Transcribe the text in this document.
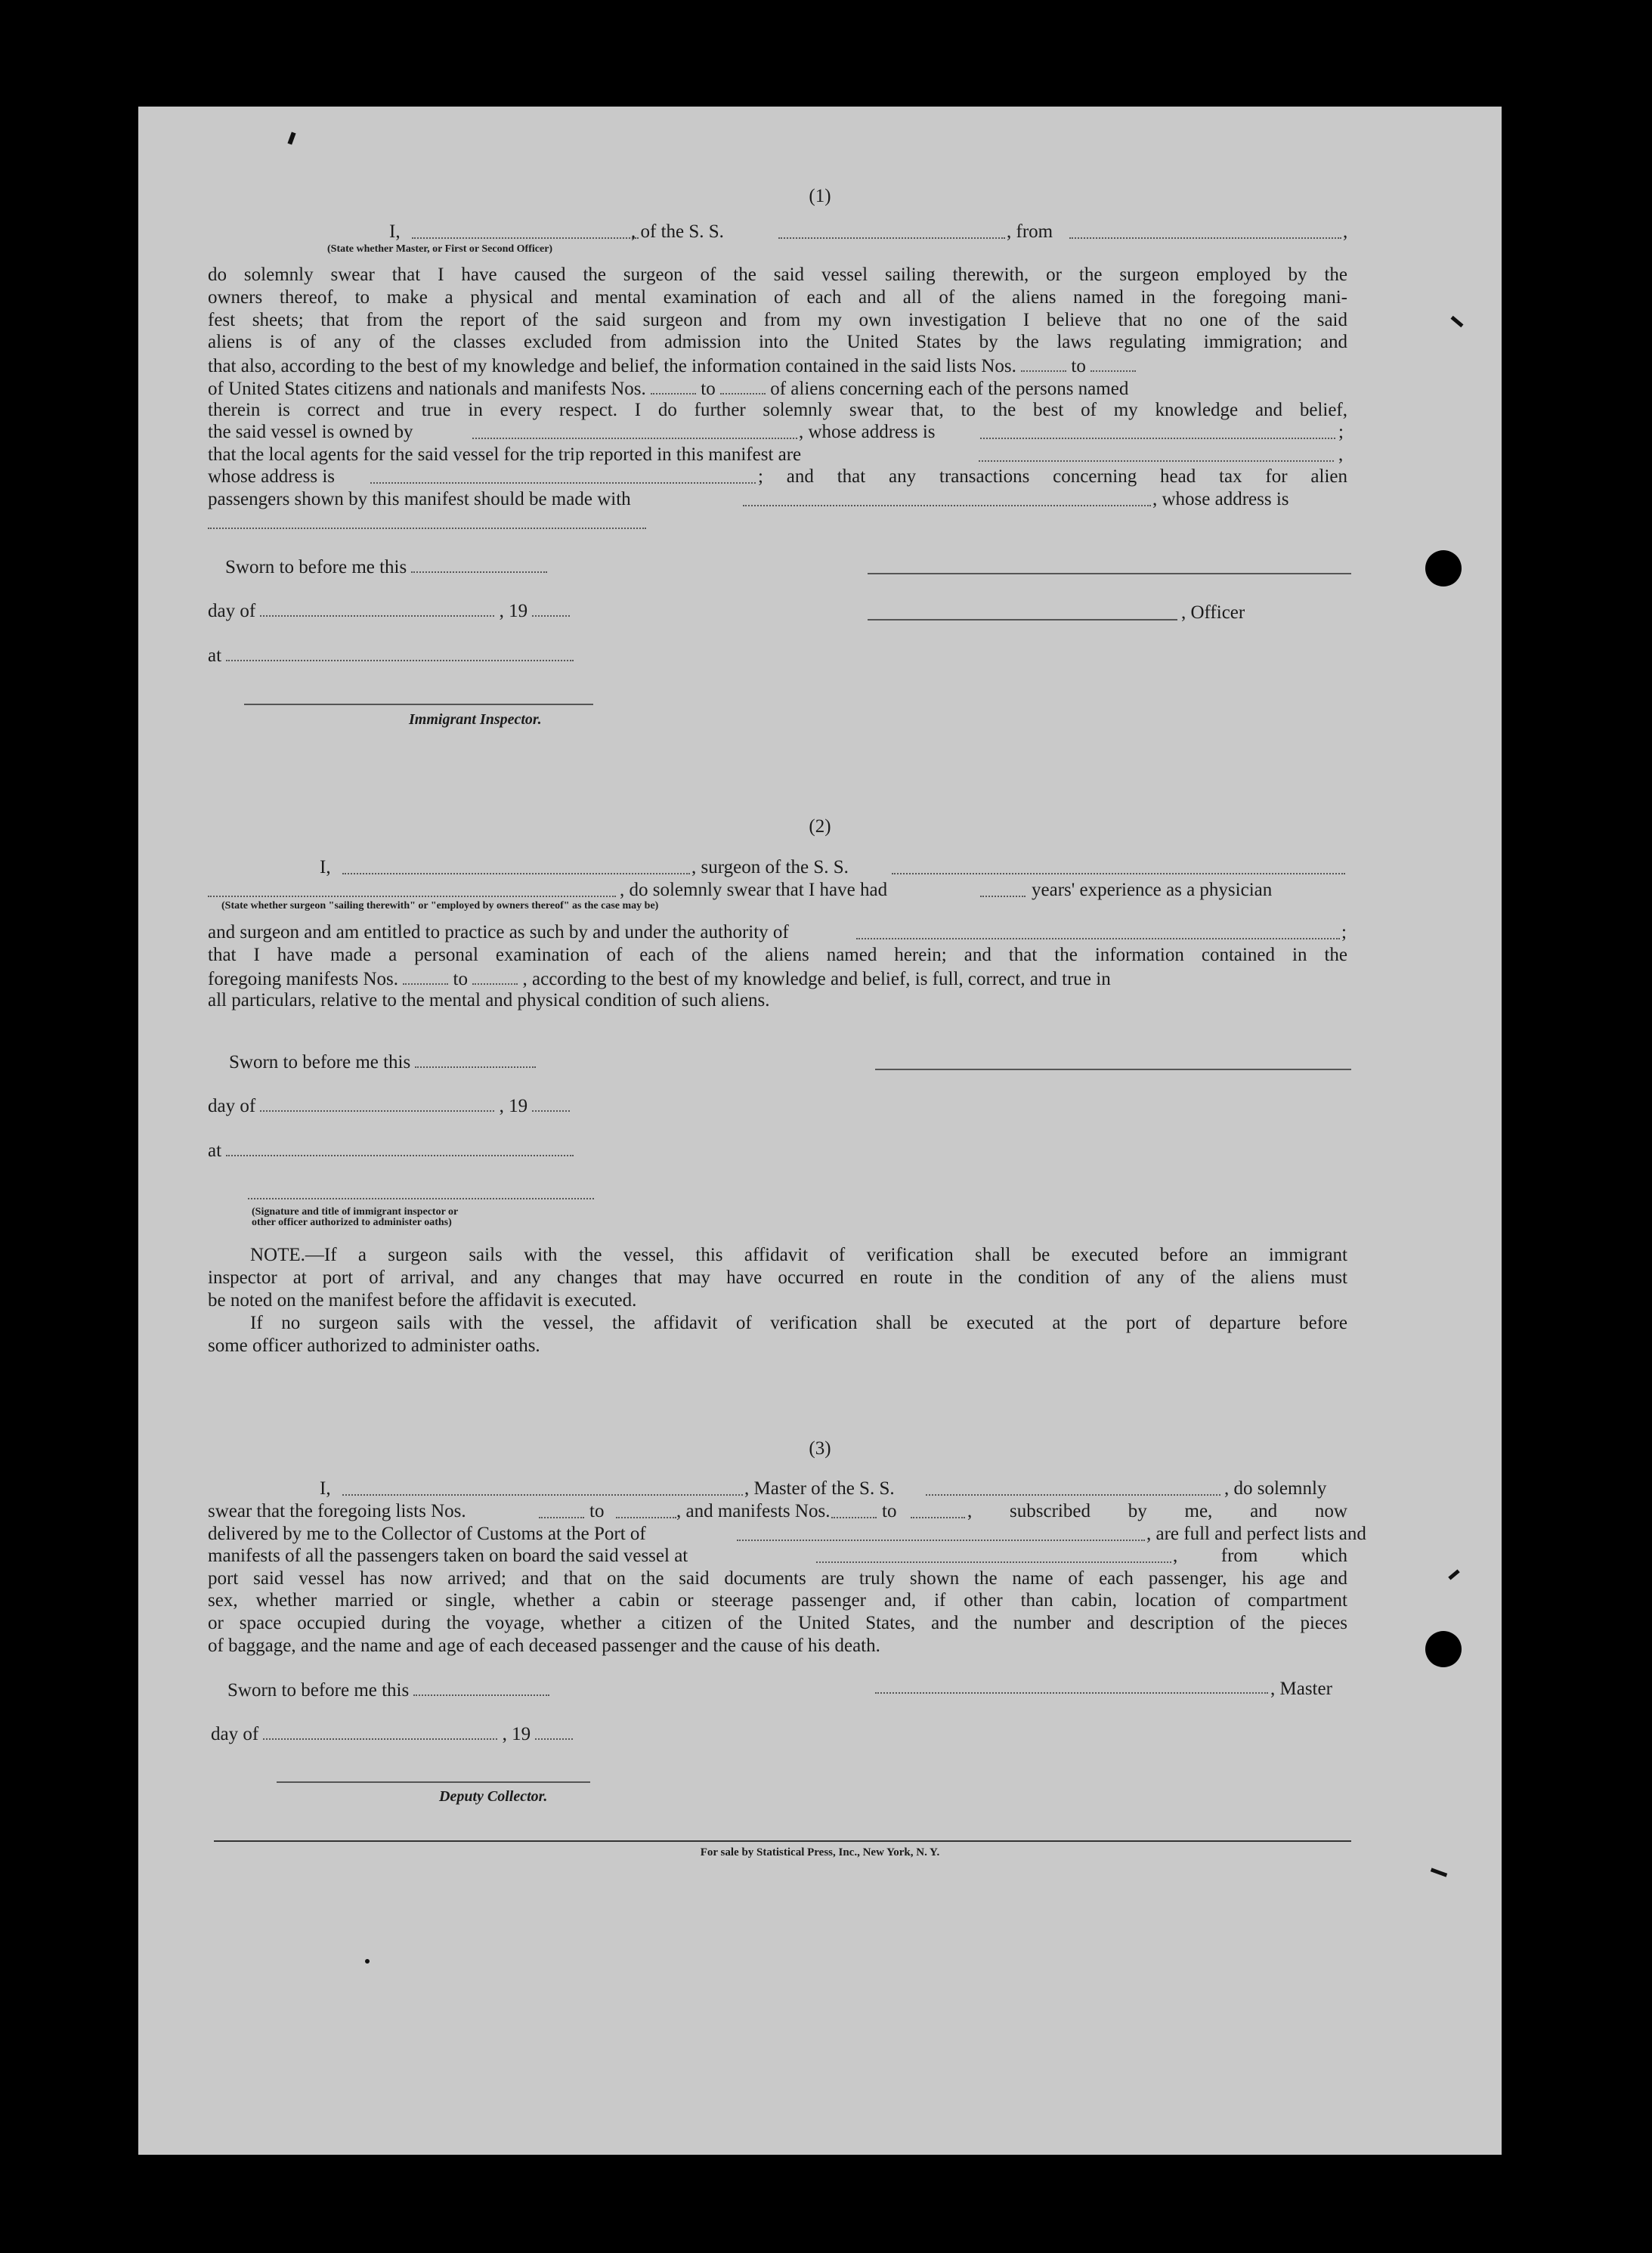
(1)
I,	, of the S. S.	, from	,
(State whether Master, or First or Second Officer)
do solemnly swear that I have caused the surgeon of the said vessel sailing therewith, or the surgeon employed by the
owners thereof, to make a physical and mental examination of each and all of the aliens named in the foregoing mani-
fest sheets; that from the report of the said surgeon and from my own investigation I believe that no one of the said
aliens is of any of the classes excluded from admission into the United States by the laws regulating immigration; and
that also, according to the best of my knowledge and belief, the information contained in the said lists Nos.	to
of United States citizens and nationals and manifests Nos.	to	of aliens concerning each of the persons named
therein is correct and true in every respect. I do further solemnly swear that, to the best of my knowledge and belief,
the said vessel is owned by	, whose address is	;
that the local agents for the said vessel for the trip reported in this manifest are	,
whose address is	; and that any transactions concerning head tax for alien
passengers shown by this manifest should be made with	, whose address is
Sworn to before me this
day of	, 19	, Officer
at
Immigrant Inspector.
(2)
I,	, surgeon of the S. S.
, do solemnly swear that I have had	years' experience as a physician
(State whether surgeon "sailing therewith" or "employed by owners thereof" as the case may be)
and surgeon and am entitled to practice as such by and under the authority of	;
that I have made a personal examination of each of the aliens named herein; and that the information contained in the
foregoing manifests Nos.	to	, according to the best of my knowledge and belief, is full, correct, and true in
all particulars, relative to the mental and physical condition of such aliens.
Sworn to before me this
day of	, 19
at
(Signature and title of immigrant inspector or
other officer authorized to administer oaths)
NOTE.—If a surgeon sails with the vessel, this affidavit of verification shall be executed before an immigrant
inspector at port of arrival, and any changes that may have occurred en route in the condition of any of the aliens must
be noted on the manifest before the affidavit is executed.
If no surgeon sails with the vessel, the affidavit of verification shall be executed at the port of departure before
some officer authorized to administer oaths.
(3)
I,	, Master of the S. S.	, do solemnly
swear that the foregoing lists Nos.	to	, and manifests Nos.	to	, subscribed by me, and now
delivered by me to the Collector of Customs at the Port of	, are full and perfect lists and
manifests of all the passengers taken on board the said vessel at	, from which
port said vessel has now arrived; and that on the said documents are truly shown the name of each passenger, his age and
sex, whether married or single, whether a cabin or steerage passenger and, if other than cabin, location of compartment
or space occupied during the voyage, whether a citizen of the United States, and the number and description of the pieces
of baggage, and the name and age of each deceased passenger and the cause of his death.
Sworn to before me this	, Master
day of	, 19
Deputy Collector.
For sale by Statistical Press, Inc., New York, N. Y.
